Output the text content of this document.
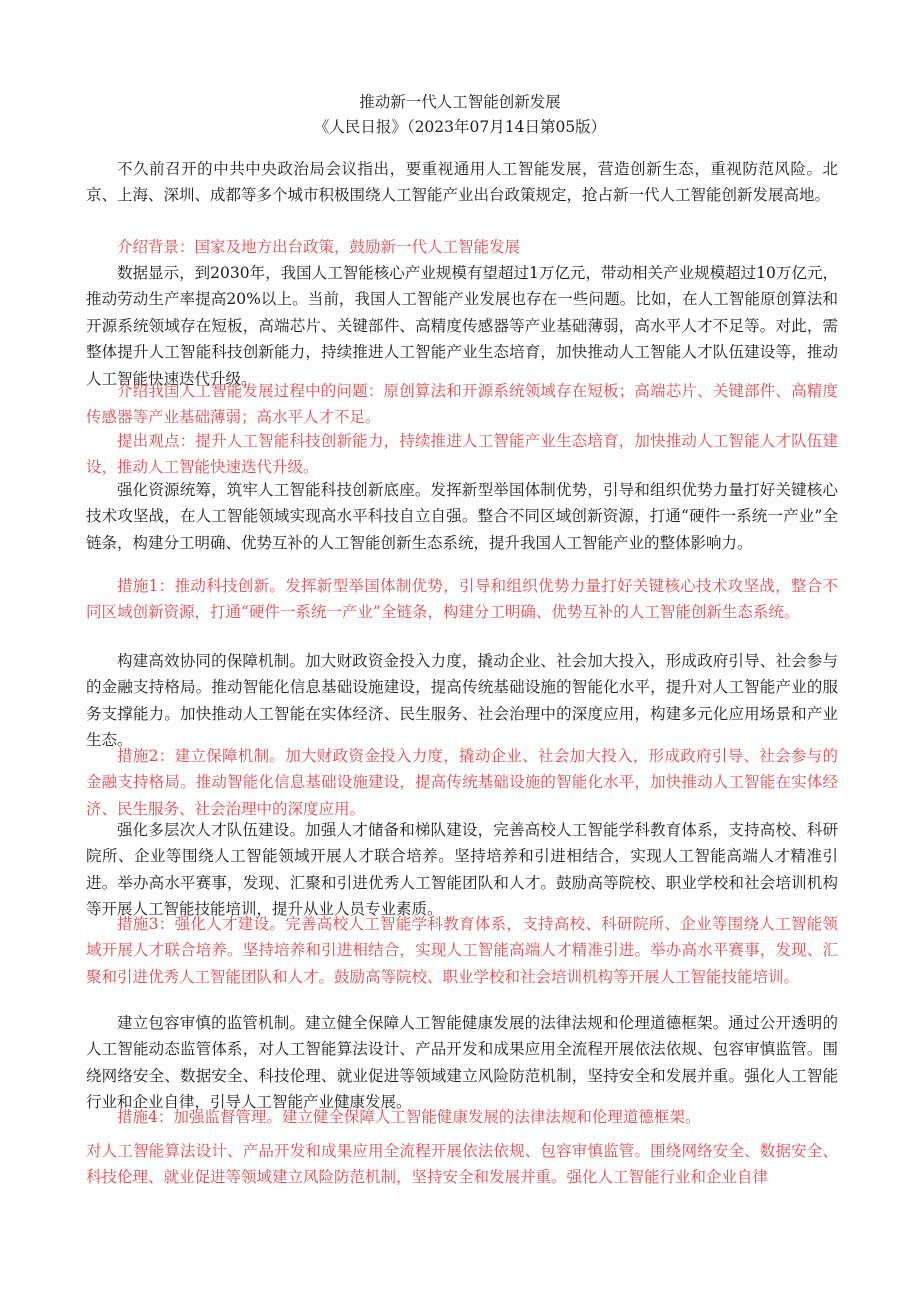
推动新一代人工智能创新发展
《人民日报》（2023年07月14日第05版）
不久前召开的中共中央政治局会议指出，要重视通用人工智能发展，营造创新生态，重视防范风险。北京、上海、深圳、成都等多个城市积极围绕人工智能产业出台政策规定，抢占新一代人工智能创新发展高地。
介绍背景：国家及地方出台政策，鼓励新一代人工智能发展
数据显示，到2030年，我国人工智能核心产业规模有望超过1万亿元，带动相关产业规模超过10万亿元，推动劳动生产率提高20%以上。当前，我国人工智能产业发展也存在一些问题。比如，在人工智能原创算法和开源系统领域存在短板，高端芯片、关键部件、高精度传感器等产业基础薄弱，高水平人才不足等。对此，需整体提升人工智能科技创新能力，持续推进人工智能产业生态培育，加快推动人工智能人才队伍建设等，推动人工智能快速迭代升级。
介绍我国人工智能发展过程中的问题：原创算法和开源系统领域存在短板；高端芯片、关键部件、高精度传感器等产业基础薄弱；高水平人才不足。
提出观点：提升人工智能科技创新能力，持续推进人工智能产业生态培育，加快推动人工智能人才队伍建设，推动人工智能快速迭代升级。
强化资源统筹，筑牢人工智能科技创新底座。发挥新型举国体制优势，引导和组织优势力量打好关键核心技术攻坚战，在人工智能领域实现高水平科技自立自强。整合不同区域创新资源，打通“硬件一系统一产业”全链条，构建分工明确、优势互补的人工智能创新生态系统，提升我国人工智能产业的整体影响力。
措施1：推动科技创新。发挥新型举国体制优势，引导和组织优势力量打好关键核心技术攻坚战，整合不同区域创新资源，打通“硬件一系统一产业”全链条，构建分工明确、优势互补的人工智能创新生态系统。
构建高效协同的保障机制。加大财政资金投入力度，撬动企业、社会加大投入，形成政府引导、社会参与的金融支持格局。推动智能化信息基础设施建设，提高传统基础设施的智能化水平，提升对人工智能产业的服务支撑能力。加快推动人工智能在实体经济、民生服务、社会治理中的深度应用，构建多元化应用场景和产业生态。
措施2：建立保障机制。加大财政资金投入力度，撬动企业、社会加大投入，形成政府引导、社会参与的金融支持格局。推动智能化信息基础设施建设，提高传统基础设施的智能化水平，加快推动人工智能在实体经济、民生服务、社会治理中的深度应用。
强化多层次人才队伍建设。加强人才储备和梯队建设，完善高校人工智能学科教育体系，支持高校、科研院所、企业等围绕人工智能领域开展人才联合培养。坚持培养和引进相结合，实现人工智能高端人才精准引进。举办高水平赛事，发现、汇聚和引进优秀人工智能团队和人才。鼓励高等院校、职业学校和社会培训机构等开展人工智能技能培训，提升从业人员专业素质。
措施3：强化人才建设。完善高校人工智能学科教育体系，支持高校、科研院所、企业等围绕人工智能领域开展人才联合培养。坚持培养和引进相结合，实现人工智能高端人才精准引进。举办高水平赛事，发现、汇聚和引进优秀人工智能团队和人才。鼓励高等院校、职业学校和社会培训机构等开展人工智能技能培训。
建立包容审慎的监管机制。建立健全保障人工智能健康发展的法律法规和伦理道德框架。通过公开透明的人工智能动态监管体系，对人工智能算法设计、产品开发和成果应用全流程开展依法依规、包容审慎监管。围绕网络安全、数据安全、科技伦理、就业促进等领域建立风险防范机制，坚持安全和发展并重。强化人工智能行业和企业自律，引导人工智能产业健康发展。
措施4：加强监督管理。建立健全保障人工智能健康发展的法律法规和伦理道德框架。
对人工智能算法设计、产品开发和成果应用全流程开展依法依规、包容审慎监管。围绕网络安全、数据安全、科技伦理、就业促进等领域建立风险防范机制，坚持安全和发展并重。强化人工智能行业和企业自律
